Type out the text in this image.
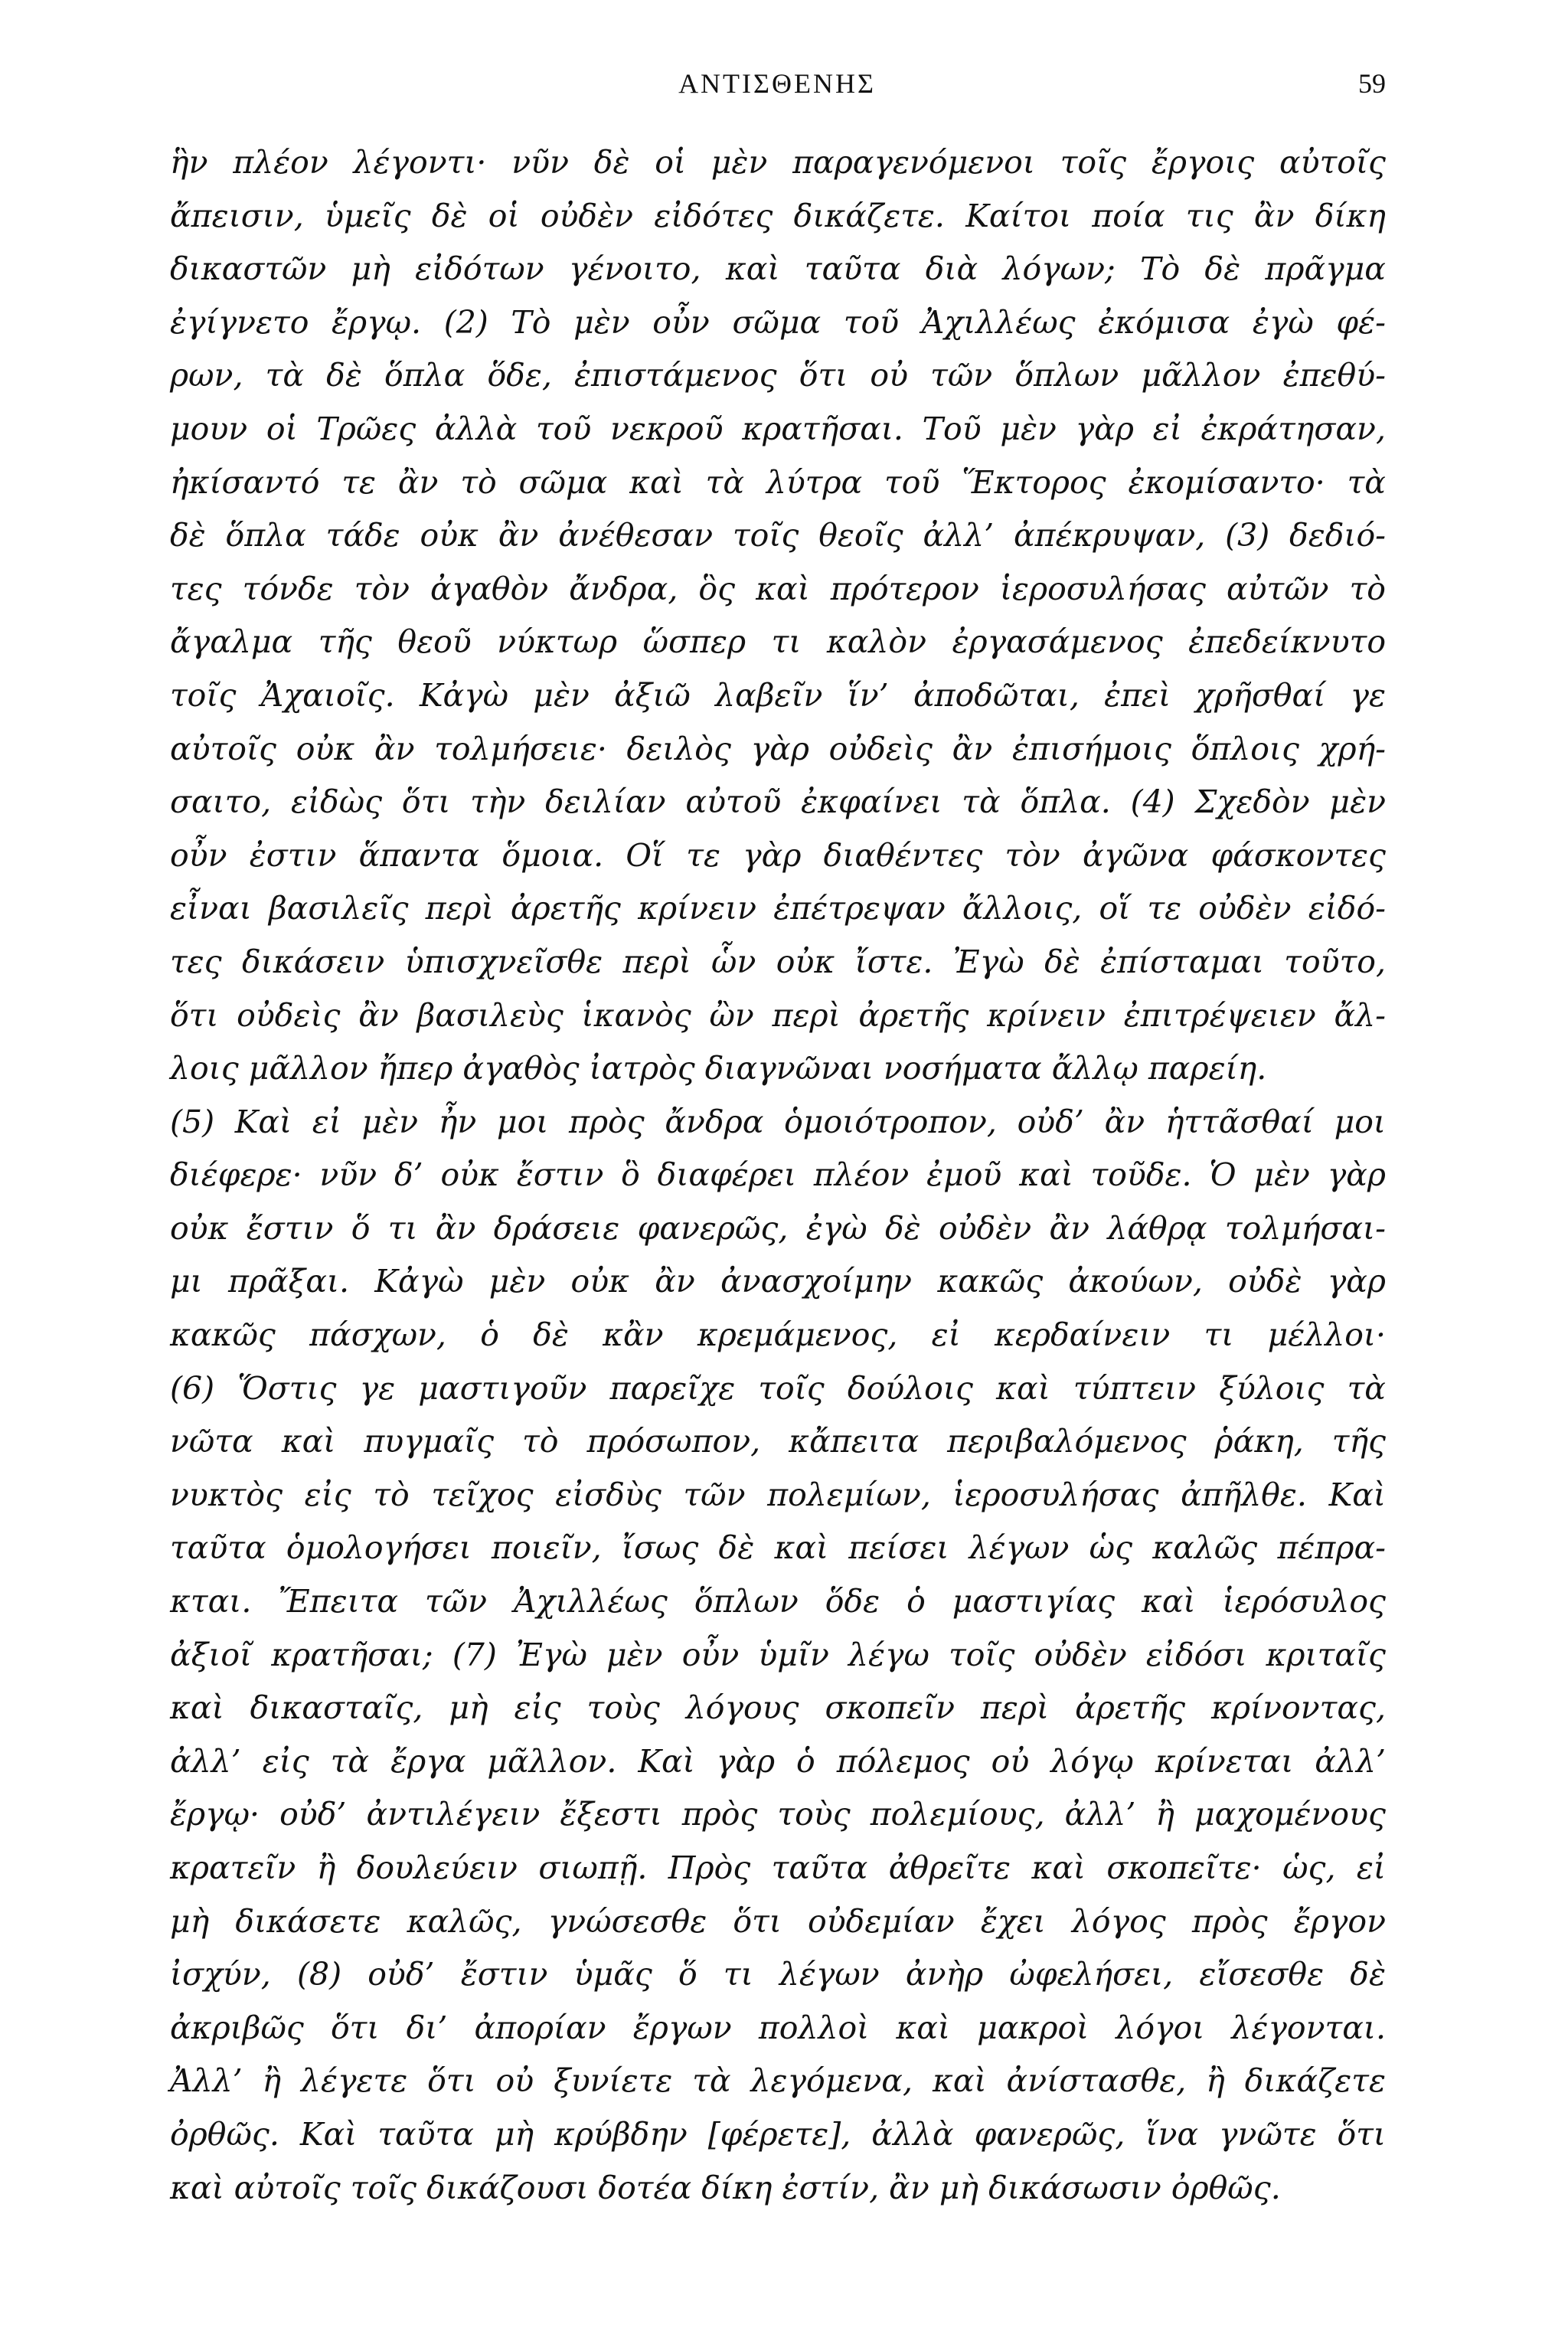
ΑΝΤΙΣΘΕΝΗΣ	59
ἣν πλέον λέγοντι· νῦν δὲ οἱ μὲν παραγενόμενοι τοῖς ἔργοις αὐτοῖς
ἄπεισιν, ὑμεῖς δὲ οἱ οὐδὲν εἰδότες δικάζετε. Καίτοι ποία τις ἂν δίκη
δικαστῶν μὴ εἰδότων γένοιτο, καὶ ταῦτα διὰ λόγων; Τὸ δὲ πρᾶγμα
ἐγίγνετο ἔργῳ. (2) Τὸ μὲν οὖν σῶμα τοῦ Ἀχιλλέως ἐκόμισα ἐγὼ φέ-
ρων, τὰ δὲ ὅπλα ὅδε, ἐπιστάμενος ὅτι οὐ τῶν ὅπλων μᾶλλον ἐπεθύ-
μουν οἱ Τρῶες ἀλλὰ τοῦ νεκροῦ κρατῆσαι. Τοῦ μὲν γὰρ εἰ ἐκράτησαν,
ἠκίσαντό τε ἂν τὸ σῶμα καὶ τὰ λύτρα τοῦ Ἕκτορος ἐκομίσαντο· τὰ
δὲ ὅπλα τάδε οὐκ ἂν ἀνέθεσαν τοῖς θεοῖς ἀλλ’ ἀπέκρυψαν, (3) δεδιό-
τες τόνδε τὸν ἀγαθὸν ἄνδρα, ὃς καὶ πρότερον ἱεροσυλήσας αὐτῶν τὸ
ἄγαλμα τῆς θεοῦ νύκτωρ ὥσπερ τι καλὸν ἐργασάμενος ἐπεδείκνυτο
τοῖς Ἀχαιοῖς. Κἀγὼ μὲν ἀξιῶ λαβεῖν ἵν’ ἀποδῶται, ἐπεὶ χρῆσθαί γε
αὐτοῖς οὐκ ἂν τολμήσειε· δειλὸς γὰρ οὐδεὶς ἂν ἐπισήμοις ὅπλοις χρή-
σαιτο, εἰδὼς ὅτι τὴν δειλίαν αὐτοῦ ἐκφαίνει τὰ ὅπλα. (4) Σχεδὸν μὲν
οὖν ἐστιν ἅπαντα ὅμοια. Οἵ τε γὰρ διαθέντες τὸν ἀγῶνα φάσκοντες
εἶναι βασιλεῖς περὶ ἀρετῆς κρίνειν ἐπέτρεψαν ἄλλοις, οἵ τε οὐδὲν εἰδό-
τες δικάσειν ὑπισχνεῖσθε περὶ ὧν οὐκ ἴστε. Ἐγὼ δὲ ἐπίσταμαι τοῦτο,
ὅτι οὐδεὶς ἂν βασιλεὺς ἱκανὸς ὢν περὶ ἀρετῆς κρίνειν ἐπιτρέψειεν ἄλ-
λοις μᾶλλον ἤπερ ἀγαθὸς ἰατρὸς διαγνῶναι νοσήματα ἄλλῳ παρείη.
(5) Καὶ εἰ μὲν ἦν μοι πρὸς ἄνδρα ὁμοιότροπον, οὐδ’ ἂν ἡττᾶσθαί μοι
διέφερε· νῦν δ’ οὐκ ἔστιν ὃ διαφέρει πλέον ἐμοῦ καὶ τοῦδε. Ὁ μὲν γὰρ
οὐκ ἔστιν ὅ τι ἂν δράσειε φανερῶς, ἐγὼ δὲ οὐδὲν ἂν λάθρᾳ τολμήσαι-
μι πρᾶξαι. Κἀγὼ μὲν οὐκ ἂν ἀνασχοίμην κακῶς ἀκούων, οὐδὲ γὰρ
κακῶς πάσχων, ὁ δὲ κἂν κρεμάμενος, εἰ κερδαίνειν τι μέλλοι·
(6) Ὅστις γε μαστιγοῦν παρεῖχε τοῖς δούλοις καὶ τύπτειν ξύλοις τὰ
νῶτα καὶ πυγμαῖς τὸ πρόσωπον, κἄπειτα περιβαλόμενος ῥάκη, τῆς
νυκτὸς εἰς τὸ τεῖχος εἰσδὺς τῶν πολεμίων, ἱεροσυλήσας ἀπῆλθε. Καὶ
ταῦτα ὁμολογήσει ποιεῖν, ἴσως δὲ καὶ πείσει λέγων ὡς καλῶς πέπρα-
κται. Ἔπειτα τῶν Ἀχιλλέως ὅπλων ὅδε ὁ μαστιγίας καὶ ἱερόσυλος
ἀξιοῖ κρατῆσαι; (7) Ἐγὼ μὲν οὖν ὑμῖν λέγω τοῖς οὐδὲν εἰδόσι κριταῖς
καὶ δικασταῖς, μὴ εἰς τοὺς λόγους σκοπεῖν περὶ ἀρετῆς κρίνοντας,
ἀλλ’ εἰς τὰ ἔργα μᾶλλον. Καὶ γὰρ ὁ πόλεμος οὐ λόγῳ κρίνεται ἀλλ’
ἔργῳ· οὐδ’ ἀντιλέγειν ἔξεστι πρὸς τοὺς πολεμίους, ἀλλ’ ἢ μαχομένους
κρατεῖν ἢ δουλεύειν σιωπῇ. Πρὸς ταῦτα ἀθρεῖτε καὶ σκοπεῖτε· ὡς, εἰ
μὴ δικάσετε καλῶς, γνώσεσθε ὅτι οὐδεμίαν ἔχει λόγος πρὸς ἔργον
ἰσχύν, (8) οὐδ’ ἔστιν ὑμᾶς ὅ τι λέγων ἀνὴρ ὠφελήσει, εἴσεσθε δὲ
ἀκριβῶς ὅτι δι’ ἀπορίαν ἔργων πολλοὶ καὶ μακροὶ λόγοι λέγονται.
Ἀλλ’ ἢ λέγετε ὅτι οὐ ξυνίετε τὰ λεγόμενα, καὶ ἀνίστασθε, ἢ δικάζετε
ὀρθῶς. Καὶ ταῦτα μὴ κρύβδην [φέρετε], ἀλλὰ φανερῶς, ἵνα γνῶτε ὅτι
καὶ αὐτοῖς τοῖς δικάζουσι δοτέα δίκη ἐστίν, ἂν μὴ δικάσωσιν ὀρθῶς.
